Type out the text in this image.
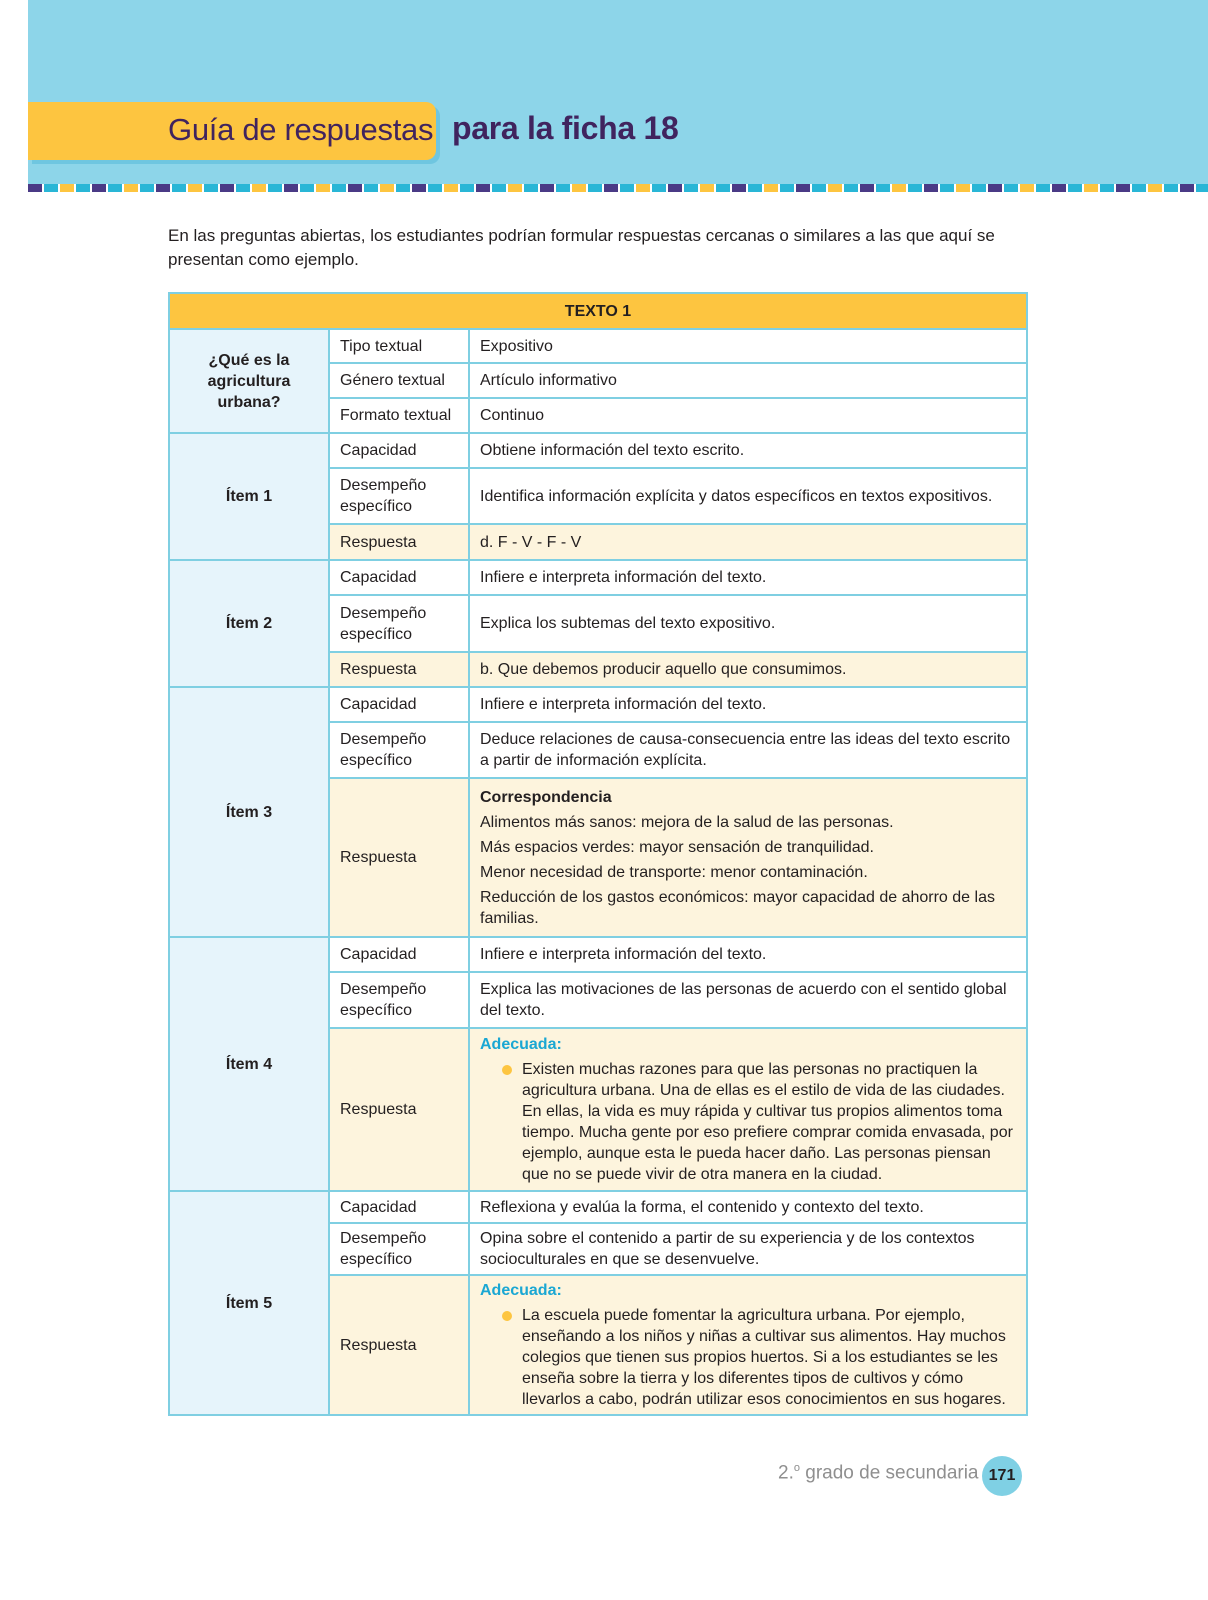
Guía de respuestas para la ficha 18

En las preguntas abiertas, los estudiantes podrían formular respuestas cercanas o similares a las que aquí se presentan como ejemplo.

TEXTO 1		
¿Qué es la agricultura urbana?	Tipo textual	Expositivo
	Género textual	Artículo informativo
	Formato textual	Continuo
Ítem 1	Capacidad	Obtiene información del texto escrito.
	Desempeño específico	Identifica información explícita y datos específicos en textos expositivos.
	Respuesta	d. F - V - F - V
Ítem 2	Capacidad	Infiere e interpreta información del texto.
	Desempeño específico	Explica los subtemas del texto expositivo.
	Respuesta	b. Que debemos producir aquello que consumimos.
Ítem 3	Capacidad	Infiere e interpreta información del texto.
	Desempeño específico	Deduce relaciones de causa-consecuencia entre las ideas del texto escrito a partir de información explícita.
	Respuesta	Correspondencia
Alimentos más sanos: mejora de la salud de las personas.
Más espacios verdes: mayor sensación de tranquilidad.
Menor necesidad de transporte: menor contaminación.
Reducción de los gastos económicos: mayor capacidad de ahorro de las familias.

Ítem 4	Capacidad	Infiere e interpreta información del texto.
	Desempeño específico	Explica las motivaciones de las personas de acuerdo con el sentido global del texto.
	Respuesta	Adecuada:
Existen muchas razones para que las personas no practiquen la agricultura urbana. Una de ellas es el estilo de vida de las ciudades. En ellas, la vida es muy rápida y cultivar tus propios alimentos toma tiempo. Mucha gente por eso prefiere comprar comida envasada, por ejemplo, aunque esta le pueda hacer daño. Las personas piensan que no se puede vivir de otra manera en la ciudad.

Ítem 5	Capacidad	Reflexiona y evalúa la forma, el contenido y contexto del texto.
	Desempeño específico	Opina sobre el contenido a partir de su experiencia y de los contextos socioculturales en que se desenvuelve.
	Respuesta	Adecuada:
La escuela puede fomentar la agricultura urbana. Por ejemplo, enseñando a los niños y niñas a cultivar sus alimentos. Hay muchos colegios que tienen sus propios huertos. Si a los estudiantes se les enseña sobre la tierra y los diferentes tipos de cultivos y cómo llevarlos a cabo, podrán utilizar esos conocimientos en sus hogares.
2.$^o$ grado de secundaria 171
